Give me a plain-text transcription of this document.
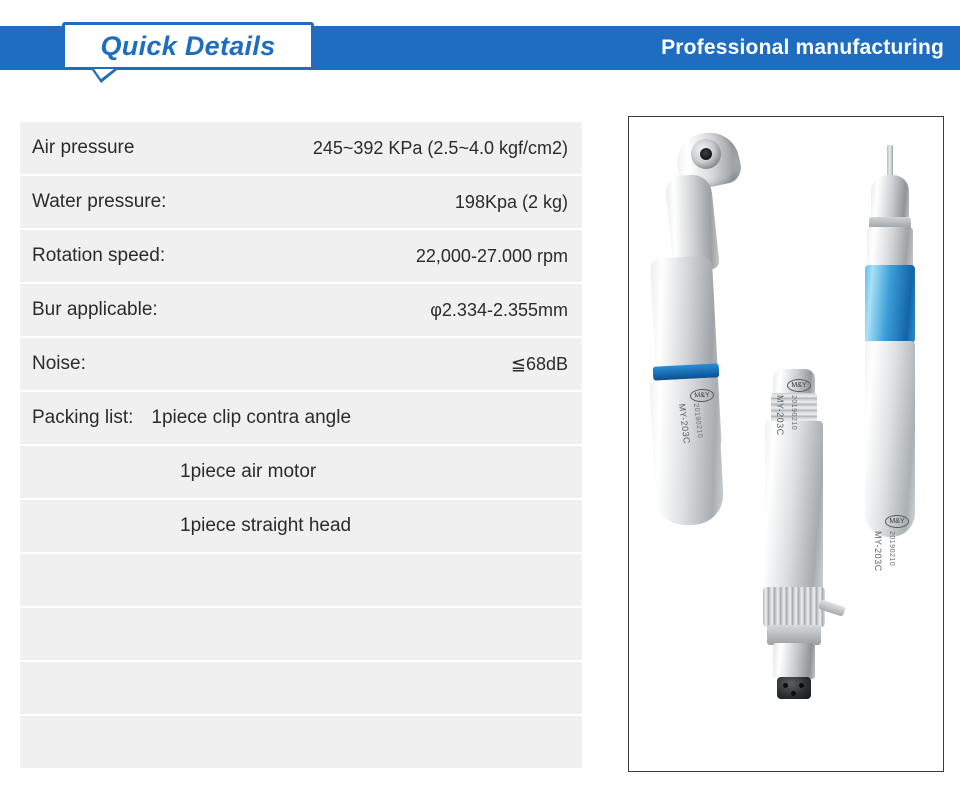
Professional manufacturing
Quick Details
Air pressure	245~392 KPa (2.5~4.0 kgf/cm2)
Water pressure:	198Kpa (2 kg)
Rotation speed:	22,000-27.000 rpm
Bur applicable:	φ2.334-2.355mm
Noise:	≦68dB
Packing list: 1piece clip contra angle
1piece air motor
1piece straight head
M&Y
MY-203C 20190210
M&Y
MY-203C 20190210
M&Y
MY-203C 20190210
